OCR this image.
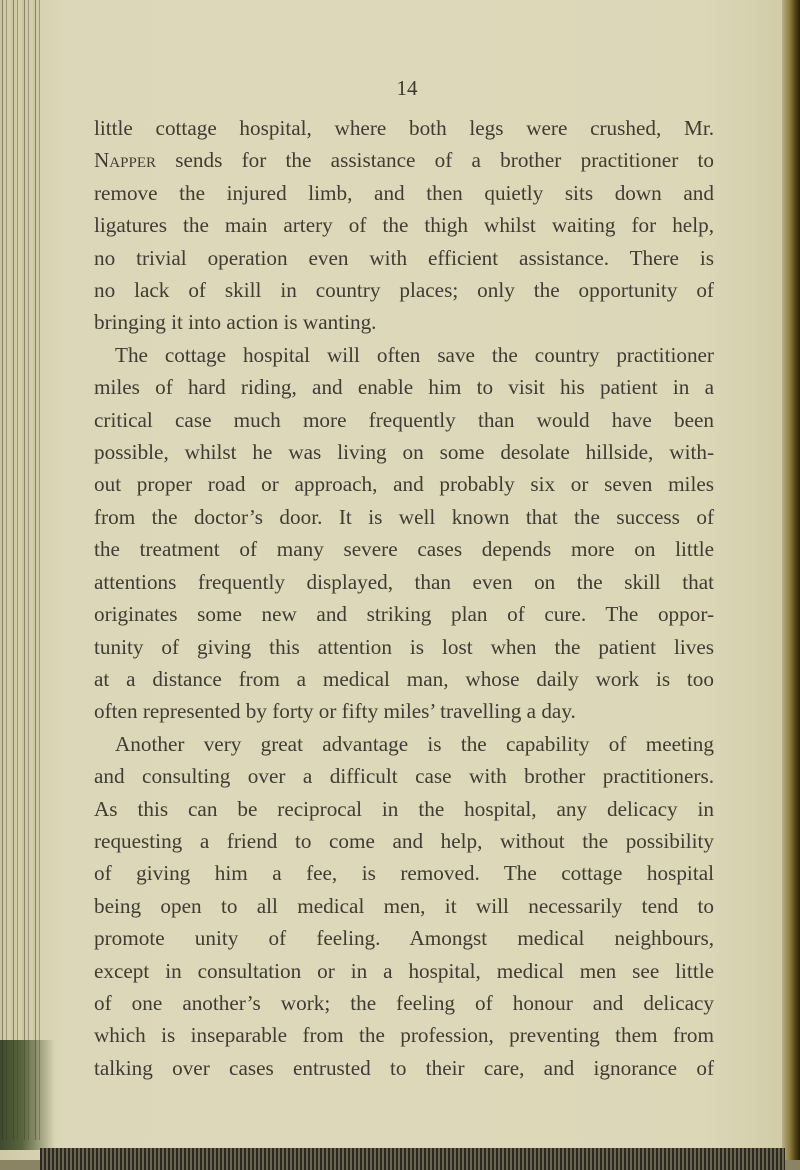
14
little cottage hospital, where both legs were crushed, Mr.
Napper sends for the assistance of a brother practitioner to
remove the injured limb, and then quietly sits down and
ligatures the main artery of the thigh whilst waiting for help,
no trivial operation even with efficient assistance. There is
no lack of skill in country places; only the opportunity of
bringing it into action is wanting.
The cottage hospital will often save the country practitioner
miles of hard riding, and enable him to visit his patient in a
critical case much more frequently than would have been
possible, whilst he was living on some desolate hillside, with-
out proper road or approach, and probably six or seven miles
from the doctor’s door. It is well known that the success of
the treatment of many severe cases depends more on little
attentions frequently displayed, than even on the skill that
originates some new and striking plan of cure. The oppor-
tunity of giving this attention is lost when the patient lives
at a distance from a medical man, whose daily work is too
often represented by forty or fifty miles’ travelling a day.
Another very great advantage is the capability of meeting
and consulting over a difficult case with brother practitioners.
As this can be reciprocal in the hospital, any delicacy in
requesting a friend to come and help, without the possibility
of giving him a fee, is removed. The cottage hospital
being open to all medical men, it will necessarily tend to
promote unity of feeling. Amongst medical neighbours,
except in consultation or in a hospital, medical men see little
of one another’s work; the feeling of honour and delicacy
which is inseparable from the profession, preventing them from
talking over cases entrusted to their care, and ignorance of
